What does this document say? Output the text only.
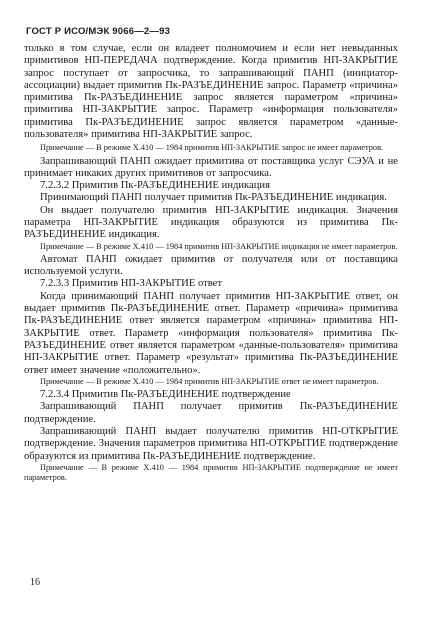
ГОСТ Р ИСО/МЭК 9066—2—93

только в том случае, если он владеет полномочием и если нет невыданных примитивов НП-ПЕРЕДАЧА подтверждение. Когда примитив НП-ЗАКРЫТИЕ запрос поступает от запросчика, то запрашивающий ПАНП (инициатор-ассоциации) выдает примитив Пк-РАЗЪЕДИНЕНИЕ запрос. Параметр «причина» примитива Пк-РАЗЪЕДИНЕНИЕ запрос является параметром «причина» примитива НП-ЗАКРЫТИЕ запрос. Параметр «информация пользователя» примитива Пк-РАЗЪЕДИНЕНИЕ запрос является параметром «данные-пользователя» примитива НП-ЗАКРЫТИЕ запрос.

Примечание — В режиме Х.410 — 1984 примитив НП-ЗАКРЫТИЕ запрос не имеет параметров.

Запрашивающий ПАНП ожидает примитива от поставщика услуг СЭУА и не принимает никаких других примитивов от запросчика.

7.2.3.2 Примитив Пк-РАЗЪЕДИНЕНИЕ индикация

Принимающий ПАНП получает примитив Пк-РАЗЪЕДИНЕНИЕ индикация.

Он выдает получателю примитив НП-ЗАКРЫТИЕ индикация. Значения параметра НП-ЗАКРЫТИЕ индикация образуются из примитива Пк-РАЗЪЕДИНЕНИЕ индикация.

Примечание — В режиме Х.410 — 1984 примитив НП-ЗАКРЫТИЕ индикация не имеет параметров.

Автомат ПАНП ожидает примитив от получателя или от поставщика используемой услуги.

7.2.3.3 Примитив НП-ЗАКРЫТИЕ ответ

Когда принимающий ПАНП получает примитив НП-ЗАКРЫТИЕ ответ, он выдает примитив Пк-РАЗЪЕДИНЕНИЕ ответ. Параметр «причина» примитива Пк-РАЗЪЕДИНЕНИЕ ответ является параметром «причина» примитива НП-ЗАКРЫТИЕ ответ. Параметр «информация пользователя» примитива Пк-РАЗЪЕДИНЕНИЕ ответ является параметром «данные-пользователя» примитива НП-ЗАКРЫТИЕ ответ. Параметр «результат» примитива Пк-РАЗЪЕДИНЕНИЕ ответ имеет значение «положительно».

Примечание — В режиме Х.410 — 1984 примитив НП-ЗАКРЫТИЕ ответ не имеет параметров.

7.2.3.4 Примитив Пк-РАЗЪЕДИНЕНИЕ подтверждение

Запрашивающий ПАНП получает примитив Пк-РАЗЪЕДИНЕНИЕ подтверждение.

Запрашивающий ПАНП выдает получателю примитив НП-ОТКРЫТИЕ подтверждение. Значения параметров примитива НП-ОТКРЫТИЕ подтверждение образуются из примитива Пк-РАЗЪЕДИНЕНИЕ подтверждение.

Примечание — В режиме Х.410 — 1984 примитив НП-ЗАКРЫТИЕ подтверждение не имеет параметров.

16
